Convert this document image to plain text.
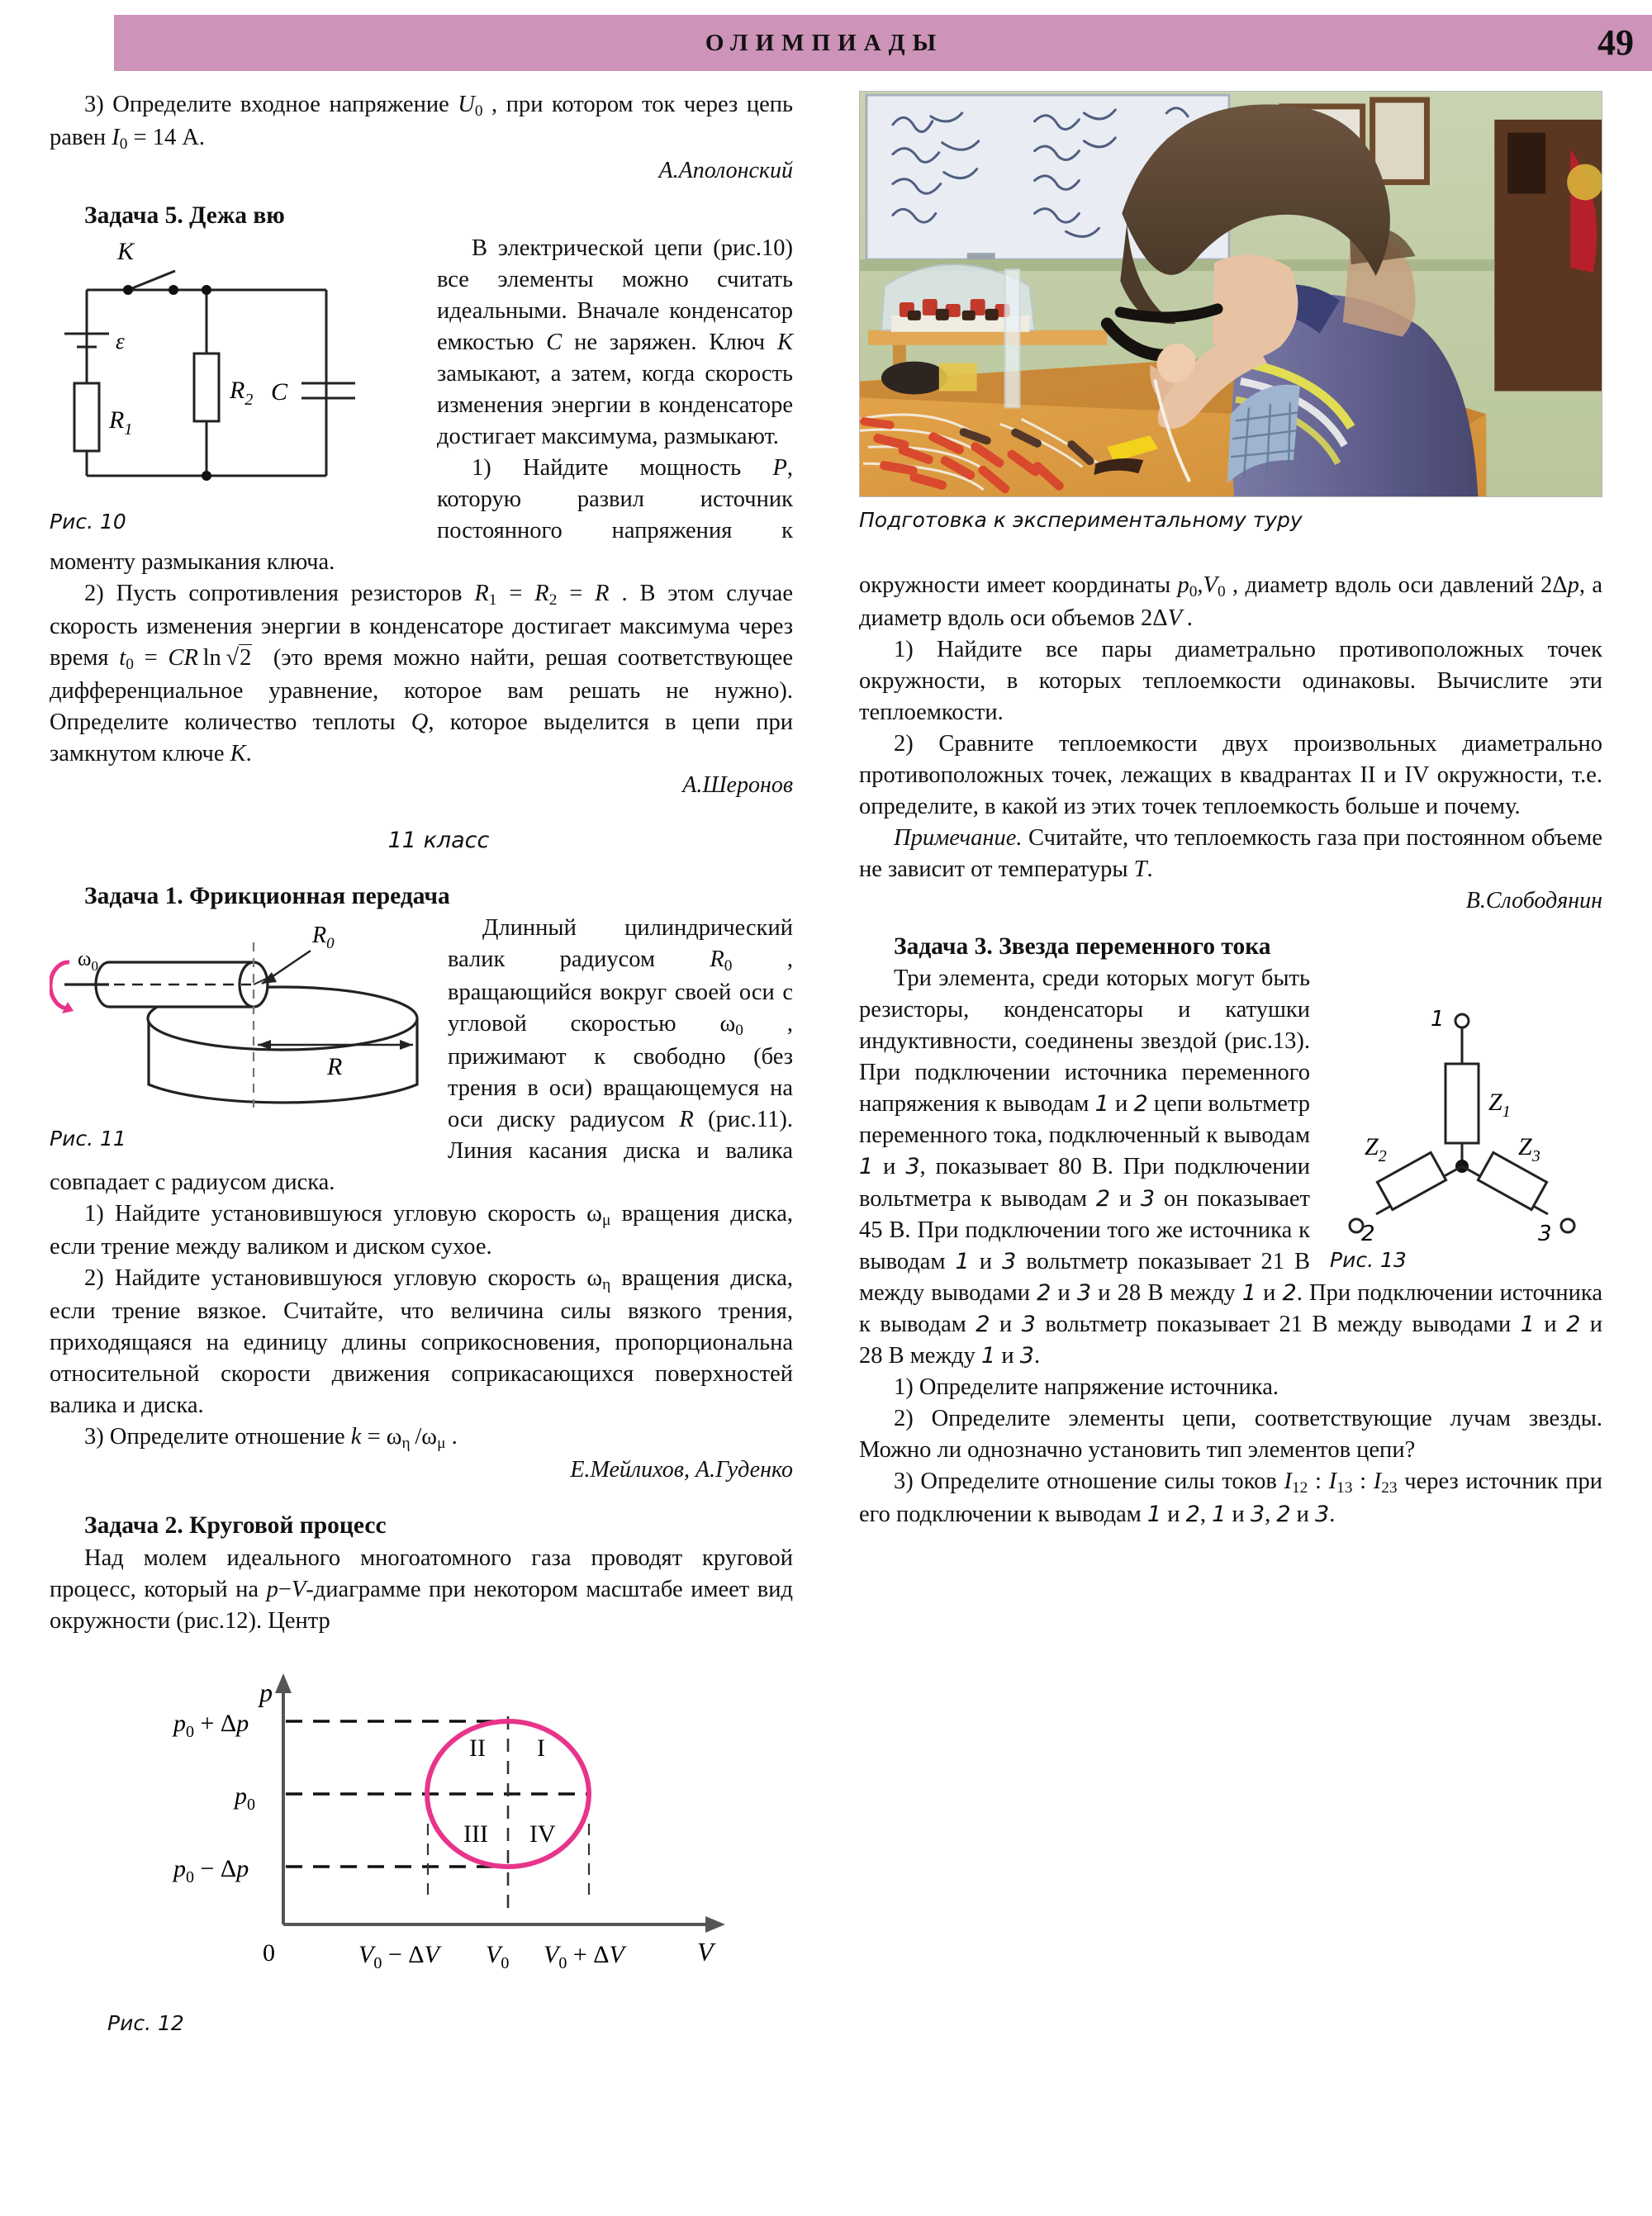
ОЛИМПИАДЫ	49

3) Определите входное напряжение $U_0$ , при котором ток через цепь равен $I_0 = 14$ A.

А.Аполонский

Задача 5. Дежа вю

K
ε
$R_1$
$R_2$ C
Рис. 10

В электрической цепи (рис.10) все элементы можно считать идеальными. Вначале конденсатор емкостью C не заряжен. Ключ K замыкают, а затем, когда скорость изменения энергии в конденсаторе достигает максимума, размыкают.

1) Найдите мощность P, которую развил источник постоянного напряжения к моменту размыкания ключа.

2) Пусть сопротивления резисторов $R_1 = R_2 = R$ . В этом случае скорость изменения энергии в конденсаторе достигает максимума через время $t_0$ = CR ln √2  (это время можно найти, решая соответствующее дифференциальное уравнение, которое вам решать не нужно). Определите количество теплоты Q, которое выделится в цепи при замкнутом ключе K.

А.Шеронов

11 класс

Задача 1. Фрикционная передача

$\omega_0$
$R_0$
R
Рис. 11

Длинный цилиндрический валик радиусом $R_0$ , вращающийся вокруг своей оси с угловой скоростью $\omega_0$ , прижимают к свободно (без трения в оси) вращающемуся на оси диску радиусом R (рис.11). Линия касания диска и валика совпадает с радиусом диска.

1) Найдите установившуюся угловую скорость $\omega_\mu$ вращения диска, если трение между валиком и диском сухое.

2) Найдите установившуюся угловую скорость $\omega_\eta$ вращения диска, если трение вязкое. Считайте, что величина силы вязкого трения, приходящаяся на единицу длины соприкосновения, пропорциональна относительной скорости движения соприкасающихся поверхностей валика и диска.

3) Определите отношение $k = \omega_\eta$ $/\omega_\mu$ .

Е.Мейлихов, А.Гуденко

Задача 2. Круговой процесс

Над молем идеального многоатомного газа проводят круговой процесс, который на p−V-диаграмме при некотором масштабе имеет вид окружности (рис.12). Центр

p
V
0
II I
III IV
$p_0 + \Delta p$
$p_0$
$p_0 - \Delta p$
$V_0 - \Delta V$ $V_0$ $V_0 + \Delta V$
Рис. 12
Подготовка к экспериментальному туру

окружности имеет координаты $p_0,V_0$ , диаметр вдоль оси давлений 2Δp, а диаметр вдоль оси объемов 2ΔV .

1) Найдите все пары диаметрально противоположных точек окружности, в которых теплоемкости одинаковы. Вычислите эти теплоемкости.

2) Сравните теплоемкости двух произвольных диаметрально противоположных точек, лежащих в квадрантах II и IV окружности, т.е. определите, в какой из этих точек теплоемкость больше и почему.

Примечание. Считайте, что теплоемкость газа при постоянном объеме не зависит от температуры T.

В.Слободянин

Задача 3. Звезда переменного тока

1
$Z_1$
2
$Z_2$
3
$Z_3$
Рис. 13

Три элемента, среди которых могут быть резисторы, конденсаторы и катушки индуктивности, соединены звездой (рис.13). При подключении источника переменного напряжения к выводам 1 и 2 цепи вольтметр переменного тока, подключенный к выводам 1 и 3, показывает 80 В. При подключении вольтметра к выводам 2 и 3 он показывает 45 В. При подключении того же источника к выводам 1 и 3 вольтметр показывает 21 В между выводами 2 и 3 и 28 В между 1 и 2. При подключении источника к выводам 2 и 3 вольтметр показывает 21 В между выводами 1 и 2 и 28 В между 1 и 3.

1) Определите напряжение источника.

2) Определите элементы цепи, соответствующие лучам звезды. Можно ли однозначно установить тип элементов цепи?

3) Определите отношение силы токов $I_{12}$ : $I_{13}$ : $I_{23}$ через источник при его подключении к выводам 1 и 2, 1 и 3, 2 и 3.
